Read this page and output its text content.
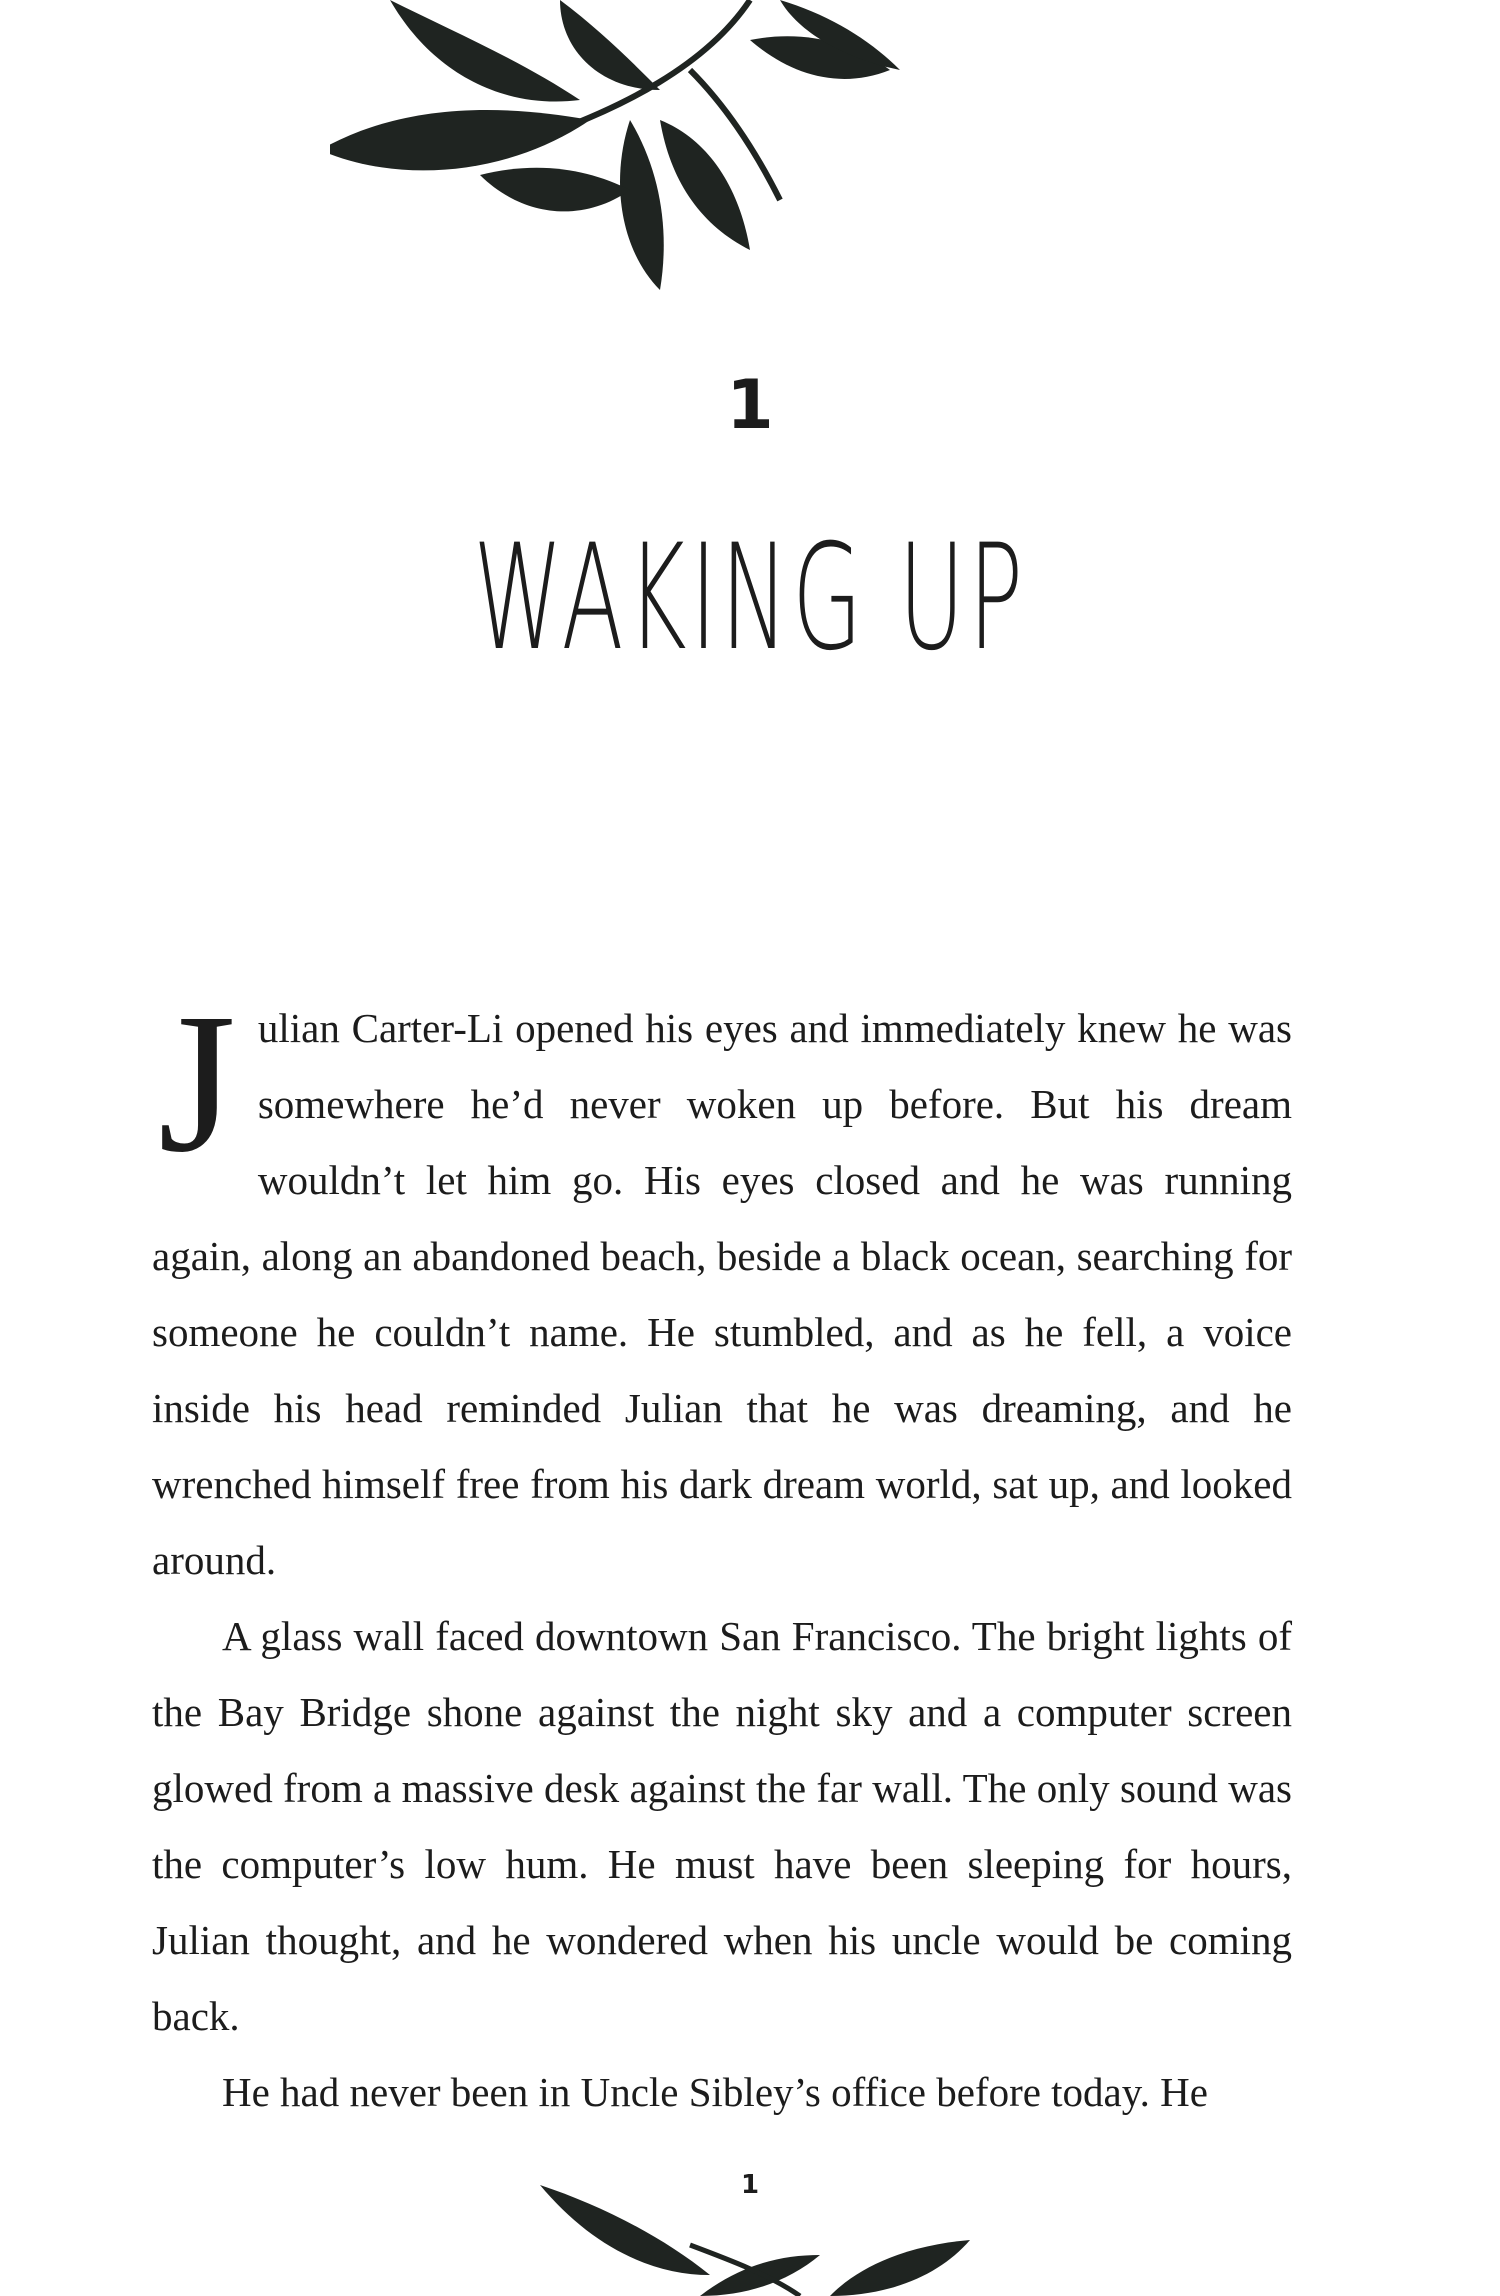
1
WAKING UP

Julian Carter-Li opened his eyes and immediately knew he was somewhere he’d never woken up before. But his dream wouldn’t let him go. His eyes closed and he was running again, along an abandoned beach, beside a black ocean, searching for someone he couldn’t name. He stumbled, and as he fell, a voice inside his head reminded Julian that he was dreaming, and he wrenched himself free from his dark dream world, sat up, and looked around.

A glass wall faced downtown San Francisco. The bright lights of the Bay Bridge shone against the night sky and a computer screen glowed from a massive desk against the far wall. The only sound was the computer’s low hum. He must have been sleeping for hours, Julian thought, and he wondered when his uncle would be coming back.

He had never been in Uncle Sibley’s office before today. He

1
